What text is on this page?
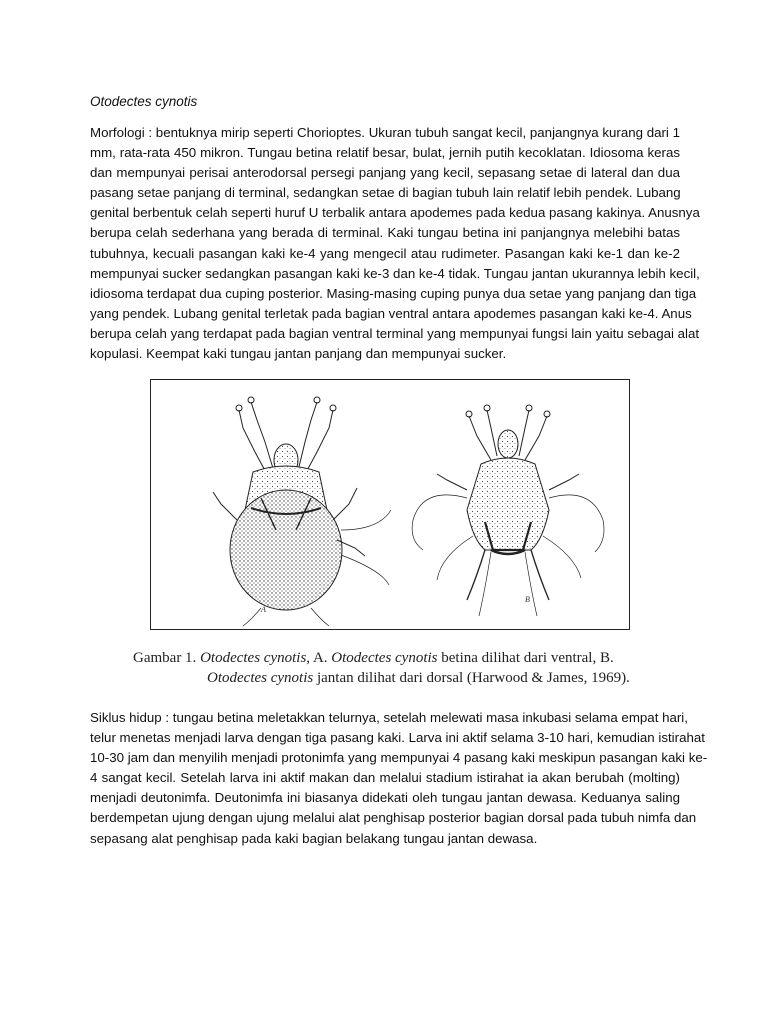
Otodectes cynotis

Morfologi : bentuknya mirip seperti Chorioptes. Ukuran tubuh sangat kecil, panjangnya kurang dari 1
mm, rata-rata 450 mikron. Tungau betina relatif besar, bulat, jernih putih kecoklatan. Idiosoma keras
dan mempunyai perisai anterodorsal persegi panjang yang kecil, sepasang setae di lateral dan dua
pasang setae panjang di terminal, sedangkan setae di bagian tubuh lain relatif lebih pendek. Lubang
genital berbentuk celah seperti huruf U terbalik antara apodemes pada kedua pasang kakinya. Anusnya
berupa celah sederhana yang berada di terminal. Kaki tungau betina ini panjangnya melebihi batas
tubuhnya, kecuali pasangan kaki ke-4 yang mengecil atau rudimeter. Pasangan kaki ke-1 dan ke-2
mempunyai sucker sedangkan pasangan kaki ke-3 dan ke-4 tidak. Tungau jantan ukurannya lebih kecil,
idiosoma terdapat dua cuping posterior. Masing-masing cuping punya dua setae yang panjang dan tiga
yang pendek. Lubang genital terletak pada bagian ventral antara apodemes pasangan kaki ke-4. Anus
berupa celah yang terdapat pada bagian ventral terminal yang mempunyai fungsi lain yaitu sebagai alat
kopulasi. Keempat kaki tungau jantan panjang dan mempunyai sucker.

A
B
Gambar 1. Otodectes cynotis, A. Otodectes cynotis betina dilihat dari ventral, B.
Otodectes cynotis jantan dilihat dari dorsal (Harwood & James, 1969).

Siklus hidup : tungau betina meletakkan telurnya, setelah melewati masa inkubasi selama empat hari,
telur menetas menjadi larva dengan tiga pasang kaki. Larva ini aktif selama 3-10 hari, kemudian istirahat
10-30 jam dan menyilih menjadi protonimfa yang mempunyai 4 pasang kaki meskipun pasangan kaki ke-
4 sangat kecil. Setelah larva ini aktif makan dan melalui stadium istirahat ia akan berubah (molting)
menjadi deutonimfa. Deutonimfa ini biasanya didekati oleh tungau jantan dewasa. Keduanya saling
berdempetan ujung dengan ujung melalui alat penghisap posterior bagian dorsal pada tubuh nimfa dan
sepasang alat penghisap pada kaki bagian belakang tungau jantan dewasa.
